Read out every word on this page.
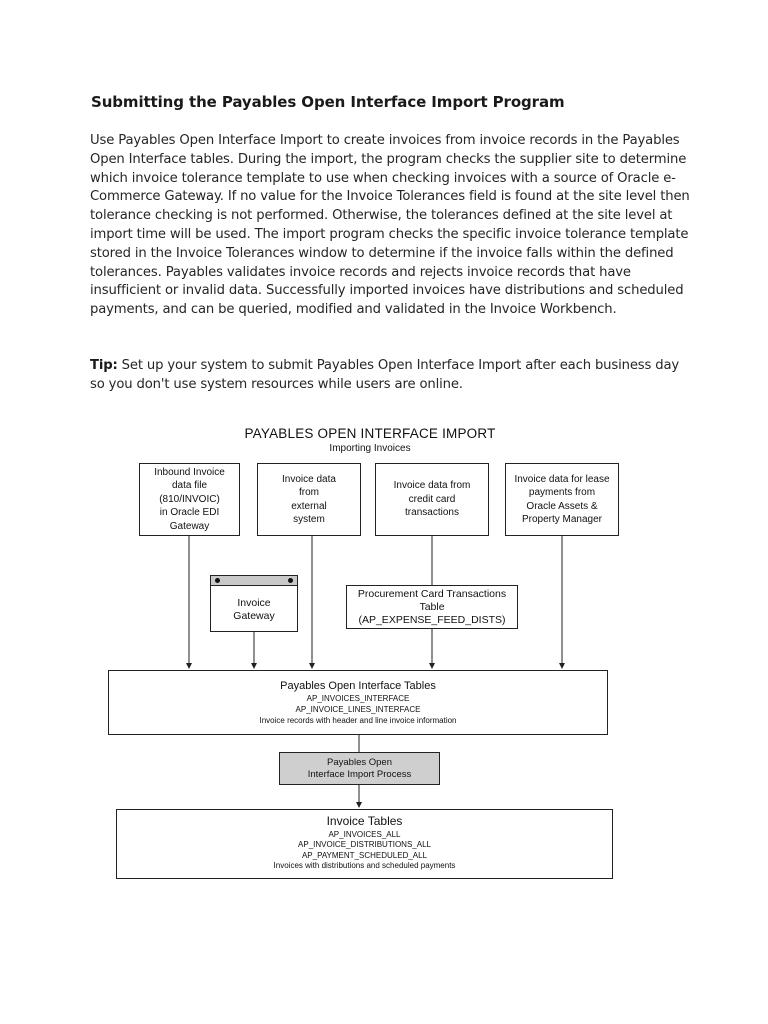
Submitting the Payables Open Interface Import Program
Use Payables Open Interface Import to create invoices from invoice records in the Payables Open Interface tables. During the import, the program checks the supplier site to determine which invoice tolerance template to use when checking invoices with a source of Oracle e-Commerce Gateway. If no value for the Invoice Tolerances field is found at the site level then tolerance checking is not performed. Otherwise, the tolerances defined at the site level at import time will be used. The import program checks the specific invoice tolerance template stored in the Invoice Tolerances window to determine if the invoice falls within the defined tolerances. Payables validates invoice records and rejects invoice records that have insufficient or invalid data. Successfully imported invoices have distributions and scheduled payments, and can be queried, modified and validated in the Invoice Workbench.
Tip: Set up your system to submit Payables Open Interface Import after each business day so you don't use system resources while users are online.
PAYABLES OPEN INTERFACE IMPORT
Importing Invoices
Inbound Invoice
data file
(810/INVOIC)
in Oracle EDI
Gateway
Invoice data
from
external
system
Invoice data from
credit card
transactions
Invoice data for lease
payments from
Oracle Assets &
Property Manager
Invoice
Gateway
Procurement Card Transactions
Table
(AP_EXPENSE_FEED_DISTS)
Payables Open Interface Tables
AP_INVOICES_INTERFACE
AP_INVOICE_LINES_INTERFACE
Invoice records with header and line invoice information
Payables Open
Interface Import Process
Invoice Tables
AP_INVOICES_ALL
AP_INVOICE_DISTRIBUTIONS_ALL
AP_PAYMENT_SCHEDULED_ALL
Invoices with distributions and scheduled payments
